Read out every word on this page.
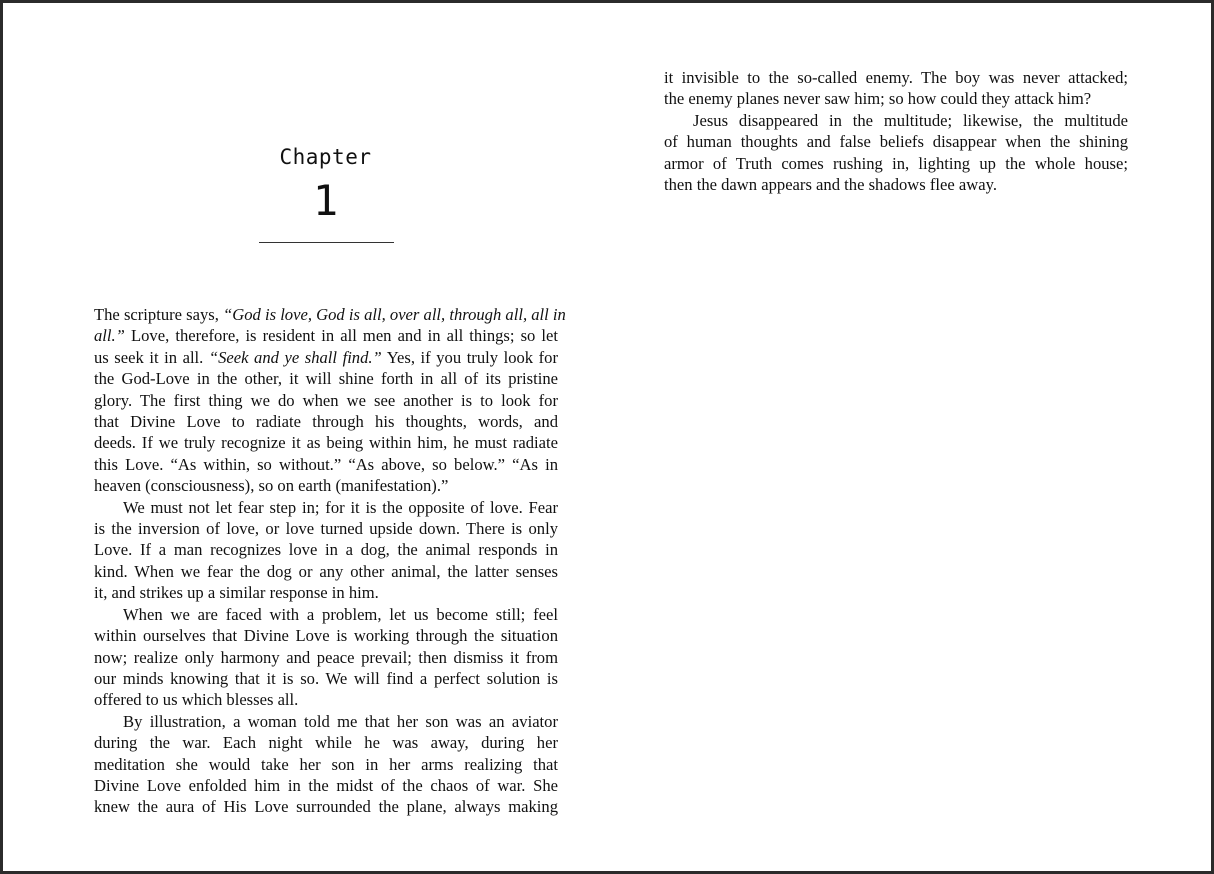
Chapter
1
The scripture says, “God is love, God is all, over all, through all, all in
all.” Love, therefore, is resident in all men and in all things; so let
us seek it in all. “Seek and ye shall find.” Yes, if you truly look for
the God-Love in the other, it will shine forth in all of its pristine
glory. The first thing we do when we see another is to look for
that Divine Love to radiate through his thoughts, words, and
deeds. If we truly recognize it as being within him, he must radiate
this Love. “As within, so without.” “As above, so below.” “As in
heaven (consciousness), so on earth (manifestation).”
We must not let fear step in; for it is the opposite of love. Fear
is the inversion of love, or love turned upside down. There is only
Love. If a man recognizes love in a dog, the animal responds in
kind. When we fear the dog or any other animal, the latter senses
it, and strikes up a similar response in him.
When we are faced with a problem, let us become still; feel
within ourselves that Divine Love is working through the situation
now; realize only harmony and peace prevail; then dismiss it from
our minds knowing that it is so. We will find a perfect solution is
offered to us which blesses all.
By illustration, a woman told me that her son was an aviator
during the war. Each night while he was away, during her
meditation she would take her son in her arms realizing that
Divine Love enfolded him in the midst of the chaos of war. She
knew the aura of His Love surrounded the plane, always making
it invisible to the so-called enemy. The boy was never attacked;
the enemy planes never saw him; so how could they attack him?
Jesus disappeared in the multitude; likewise, the multitude
of human thoughts and false beliefs disappear when the shining
armor of Truth comes rushing in, lighting up the whole house;
then the dawn appears and the shadows flee away.
